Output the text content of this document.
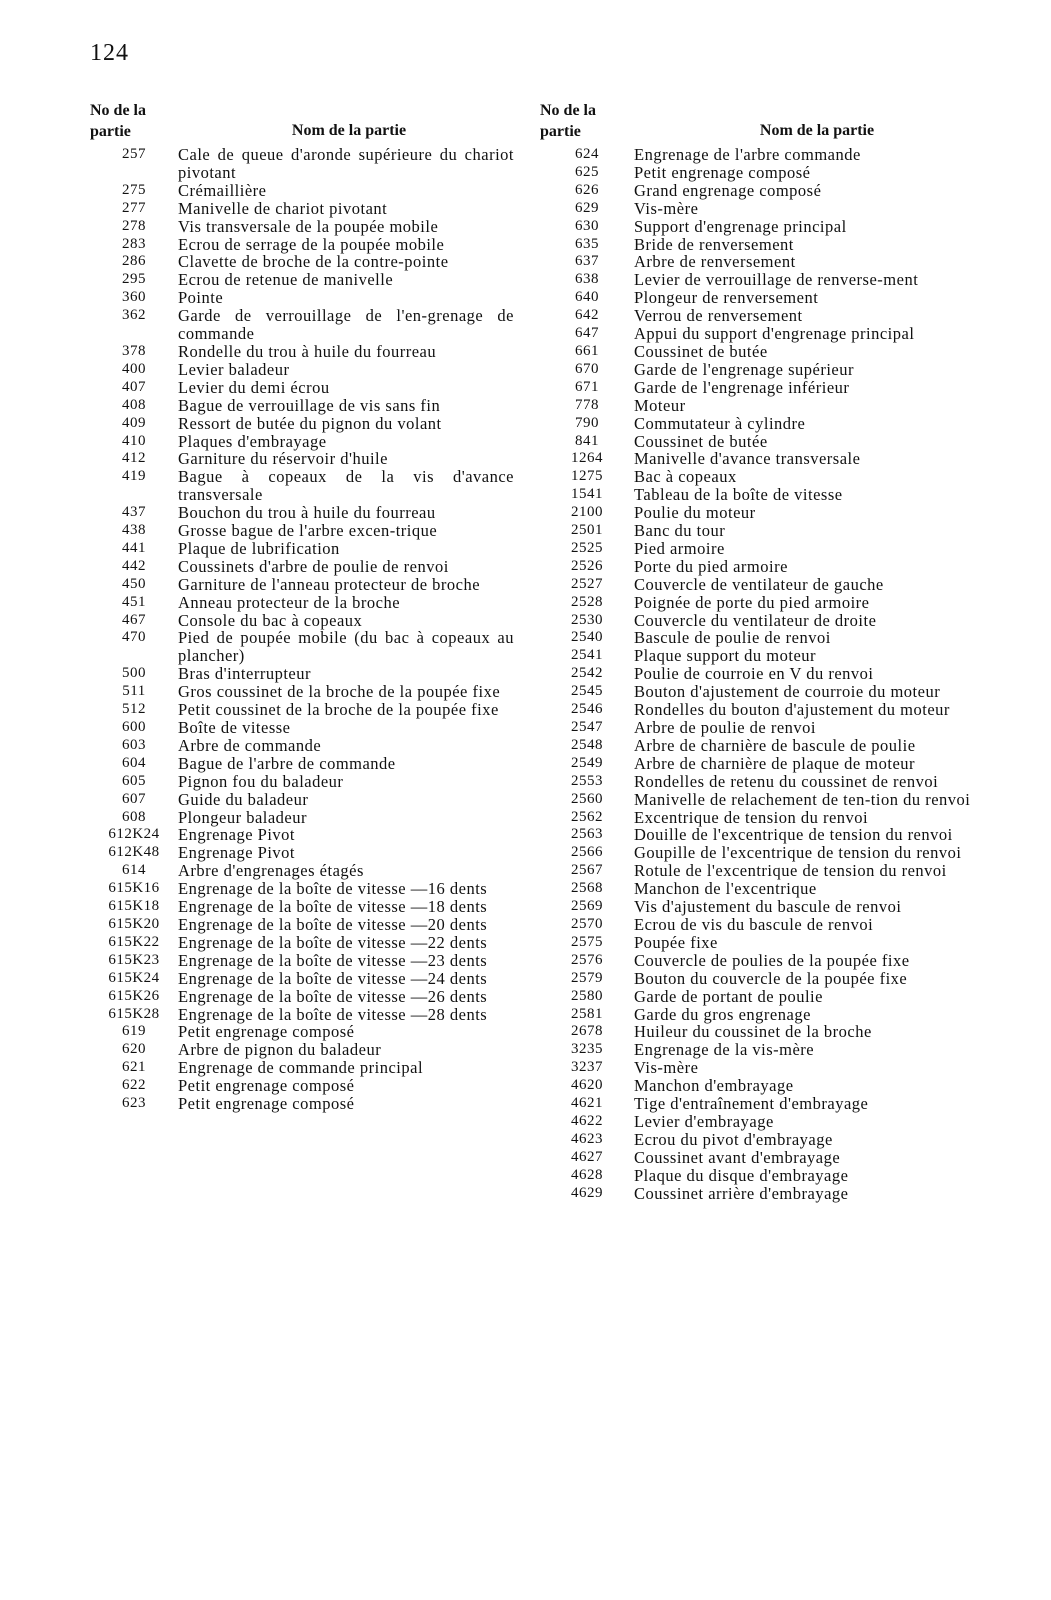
124
No de la
partie	Nom de la partie
257	Cale de queue d'aronde supérieure du chariot pivotant
275	Crémaillière
277	Manivelle de chariot pivotant
278	Vis transversale de la poupée mobile
283	Ecrou de serrage de la poupée mobile
286	Clavette de broche de la contre-pointe
295	Ecrou de retenue de manivelle
360	Pointe
362	Garde de verrouillage de l'en-grenage de commande
378	Rondelle du trou à huile du fourreau
400	Levier baladeur
407	Levier du demi écrou
408	Bague de verrouillage de vis sans fin
409	Ressort de butée du pignon du volant
410	Plaques d'embrayage
412	Garniture du réservoir d'huile
419	Bague à copeaux de la vis d'avance transversale
437	Bouchon du trou à huile du fourreau
438	Grosse bague de l'arbre excen-trique
441	Plaque de lubrification
442	Coussinets d'arbre de poulie de renvoi
450	Garniture de l'anneau protecteur de broche
451	Anneau protecteur de la broche
467	Console du bac à copeaux
470	Pied de poupée mobile (du bac à copeaux au plancher)
500	Bras d'interrupteur
511	Gros coussinet de la broche de la poupée fixe
512	Petit coussinet de la broche de la poupée fixe
600	Boîte de vitesse
603	Arbre de commande
604	Bague de l'arbre de commande
605	Pignon fou du baladeur
607	Guide du baladeur
608	Plongeur baladeur
612K24	Engrenage Pivot
612K48	Engrenage Pivot
614	Arbre d'engrenages étagés
615K16	Engrenage de la boîte de vitesse —16 dents
615K18	Engrenage de la boîte de vitesse —18 dents
615K20	Engrenage de la boîte de vitesse —20 dents
615K22	Engrenage de la boîte de vitesse —22 dents
615K23	Engrenage de la boîte de vitesse —23 dents
615K24	Engrenage de la boîte de vitesse —24 dents
615K26	Engrenage de la boîte de vitesse —26 dents
615K28	Engrenage de la boîte de vitesse —28 dents
619	Petit engrenage composé
620	Arbre de pignon du baladeur
621	Engrenage de commande principal
622	Petit engrenage composé
623	Petit engrenage composé
No de la
partie	Nom de la partie
624	Engrenage de l'arbre commande
625	Petit engrenage composé
626	Grand engrenage composé
629	Vis-mère
630	Support d'engrenage principal
635	Bride de renversement
637	Arbre de renversement
638	Levier de verrouillage de renverse-ment
640	Plongeur de renversement
642	Verrou de renversement
647	Appui du support d'engrenage principal
661	Coussinet de butée
670	Garde de l'engrenage supérieur
671	Garde de l'engrenage inférieur
778	Moteur
790	Commutateur à cylindre
841	Coussinet de butée
1264	Manivelle d'avance transversale
1275	Bac à copeaux
1541	Tableau de la boîte de vitesse
2100	Poulie du moteur
2501	Banc du tour
2525	Pied armoire
2526	Porte du pied armoire
2527	Couvercle de ventilateur de gauche
2528	Poignée de porte du pied armoire
2530	Couvercle du ventilateur de droite
2540	Bascule de poulie de renvoi
2541	Plaque support du moteur
2542	Poulie de courroie en V du renvoi
2545	Bouton d'ajustement de courroie du moteur
2546	Rondelles du bouton d'ajustement du moteur
2547	Arbre de poulie de renvoi
2548	Arbre de charnière de bascule de poulie
2549	Arbre de charnière de plaque de moteur
2553	Rondelles de retenu du coussinet de renvoi
2560	Manivelle de relachement de ten-tion du renvoi
2562	Excentrique de tension du renvoi
2563	Douille de l'excentrique de tension du renvoi
2566	Goupille de l'excentrique de tension du renvoi
2567	Rotule de l'excentrique de tension du renvoi
2568	Manchon de l'excentrique
2569	Vis d'ajustement du bascule de renvoi
2570	Ecrou de vis du bascule de renvoi
2575	Poupée fixe
2576	Couvercle de poulies de la poupée fixe
2579	Bouton du couvercle de la poupée fixe
2580	Garde de portant de poulie
2581	Garde du gros engrenage
2678	Huileur du coussinet de la broche
3235	Engrenage de la vis-mère
3237	Vis-mère
4620	Manchon d'embrayage
4621	Tige d'entraînement d'embrayage
4622	Levier d'embrayage
4623	Ecrou du pivot d'embrayage
4627	Coussinet avant d'embrayage
4628	Plaque du disque d'embrayage
4629	Coussinet arrière d'embrayage
